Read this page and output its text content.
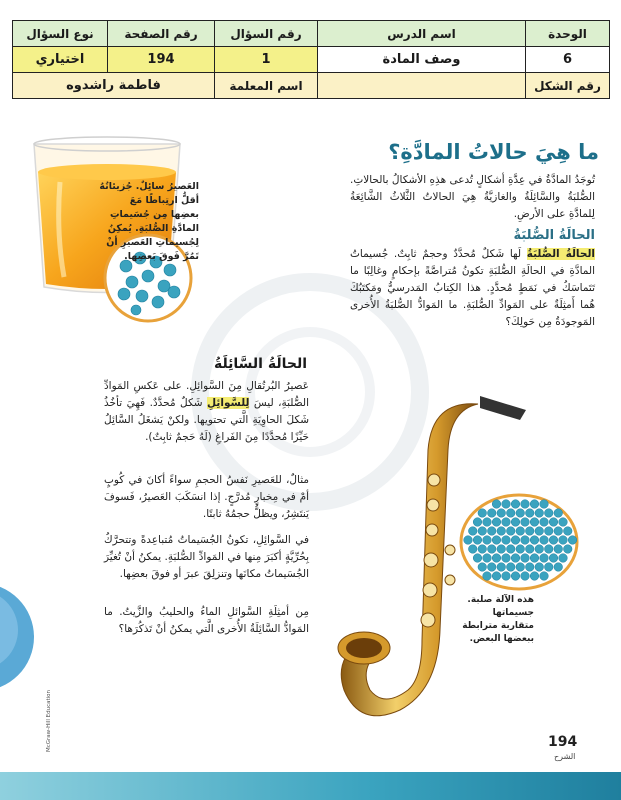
الوحدة	اسم الدرس	رقم السؤال	رقم الصفحة	نوع السؤال
6	وصف المادة	1	194	اختياري
رقم الشكل		اسم المعلمة	فاطمة راشدوه	
ما هِيَ حالاتُ المادَّةِ؟
تُوجَدُ المادَّةُ في عِدَّةِ أشكالٍ تُدعى هذِهِ الأشكالُ بالحالاتِ. الصُّلبَةُ والسَّائِلَةُ والغازيَّةُ هِيَ الحالاتُ الثَّلاثُ الشَّائِعَةُ لِلمادَّةِ على الأرضِ.
الحالَةُ الصُّلبَةُ
الحالَةُ الصُّلبَةُ لَها شَكلٌ مُحدَّدٌ وحجمٌ ثابِتٌ. جُسيماتُ المادَّةِ في الحالَةِ الصُّلبَةِ تكونُ مُتراصَّةً بإحكامٍ وغالِبًا ما تَتَماسَكُ في نَمَطٍ مُحدَّدٍ. هذا الكِتابُ المَدرسيُّ ومَكتَبُكَ هُما أَمثِلَةٌ على المَوادِّ الصُّلبَةِ. ما المَوادُّ الصُّلبَةُ الأُخرى المَوجودَةُ مِن حَولِكَ؟
العَصيرُ سائِلٌ. جُزيئاتُهُ أقلُّ ارتِباطًا مَعَ بعضِها مِن جُسَيماتِ المادَّةِ الصُّلبَةِ. يُمكِنُ لِجُسيماتِ العَصيرِ أنْ تَمُرَّ فَوقَ بَعضِها.
الحالَةُ السَّائِلَةُ
عَصيرُ البُرتُقالِ مِنَ السَّوائِلِ. على عَكسِ المَوادِّ الصُّلبَةِ، ليسَ لِلسَّوائِلِ شَكلٌ مُحدَّدٌ. فَهِيَ تأخُذُ شَكلَ الحاوِيَةِ الَّتي تحتويها. ولكنْ يَشغَلُ السَّائِلُ حَيِّزًا مُحدَّدًا مِنَ الفَراغِ (لَهُ حَجمٌ ثابِتٌ).
مثالٌ، للعَصيرِ نَفسُ الحجمِ سواءً أكانَ في كُوبٍ أمْ في مِخبارٍ مُدرَّجٍ. إذا انسَكَبَ العَصيرُ، فَسوفَ يَنتَشِرُ، ويظلُّ حجمُهُ ثابتًا.
في السَّوائِلِ، تكونُ الجُسَيماتُ مُتباعِدةً وتتحرَّكُ بِحُرِّيَّةٍ أكبَرَ مِنها في المَوادِّ الصُّلبَةِ. يمكنُ أنْ تُغيِّرَ الجُسَيماتُ مكانَها وتنزلِقَ عبرَ أو فوقَ بعضِها.
مِن أمثِلَةِ السَّوائلِ الماءُ والحليبُ والزَّيتُ. ما المَوادُّ السَّائِلَةُ الأُخرى الَّتي يمكنُ أنْ تَذكُرَها؟
هذه الآلة صلبة. جسيماتها متقاربة مترابطة ببعضها البعض.
McGraw-Hill Education	194
الشرح
